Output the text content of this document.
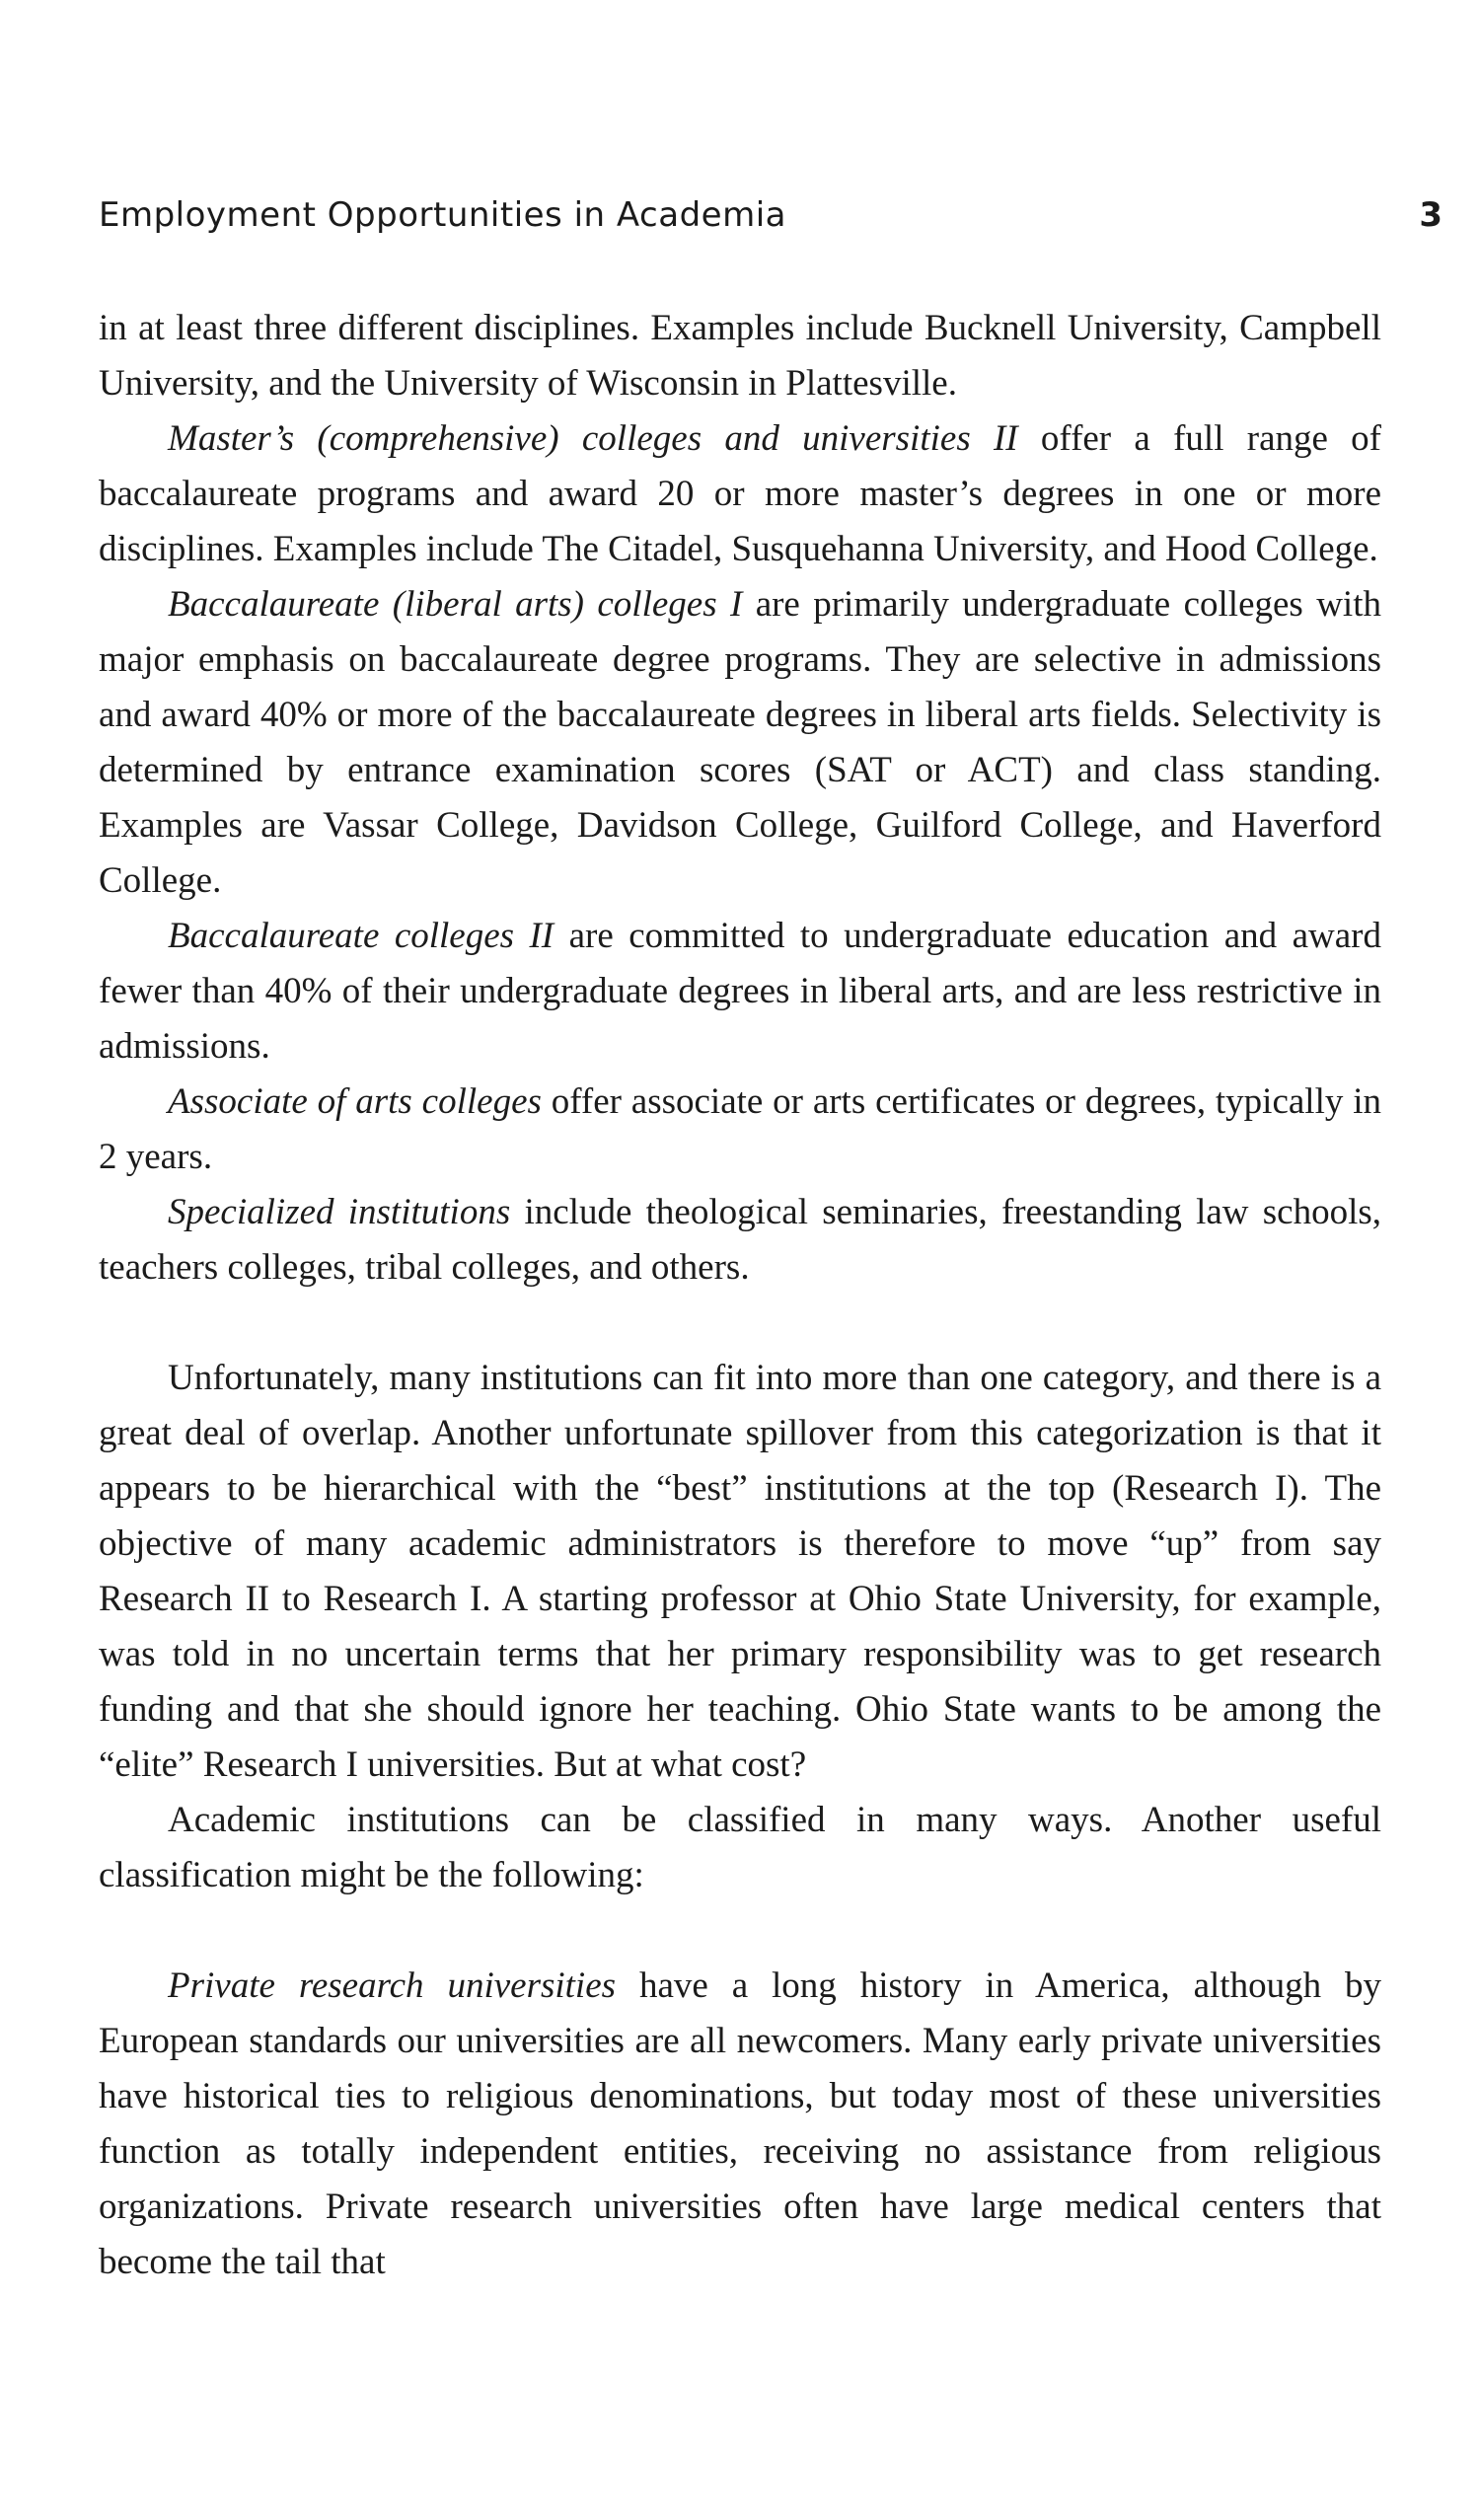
Employment Opportunities in Academia	3

in at least three different disciplines. Examples include Bucknell University, Campbell University, and the University of Wisconsin in Plattesville.

Master’s (comprehensive) colleges and universities II offer a full range of baccalaureate programs and award 20 or more master’s degrees in one or more disciplines. Examples include The Citadel, Susquehanna University, and Hood College.

Baccalaureate (liberal arts) colleges I are primarily undergraduate colleges with major emphasis on baccalaureate degree programs. They are selective in admissions and award 40% or more of the baccalaureate degrees in liberal arts fields. Selectivity is determined by entrance examination scores (SAT or ACT) and class standing. Examples are Vassar College, Davidson College, Guilford College, and Haverford College.

Baccalaureate colleges II are committed to undergraduate education and award fewer than 40% of their undergraduate degrees in liberal arts, and are less restrictive in admissions.

Associate of arts colleges offer associate or arts certificates or degrees, typically in 2 years.

Specialized institutions include theological seminaries, freestanding law schools, teachers colleges, tribal colleges, and others.

Unfortunately, many institutions can fit into more than one category, and there is a great deal of overlap. Another unfortunate spillover from this categorization is that it appears to be hierarchical with the “best” institutions at the top (Research I). The objective of many academic administrators is therefore to move “up” from say Research II to Research I. A starting professor at Ohio State University, for example, was told in no uncertain terms that her primary responsibility was to get research funding and that she should ignore her teaching. Ohio State wants to be among the “elite” Research I universities. But at what cost?

Academic institutions can be classified in many ways. Another useful classification might be the following:

Private research universities have a long history in America, although by European standards our universities are all newcomers. Many early private universities have historical ties to religious denominations, but today most of these universities function as totally independent entities, receiving no assistance from religious organizations. Private research universities often have large medical centers that become the tail that
